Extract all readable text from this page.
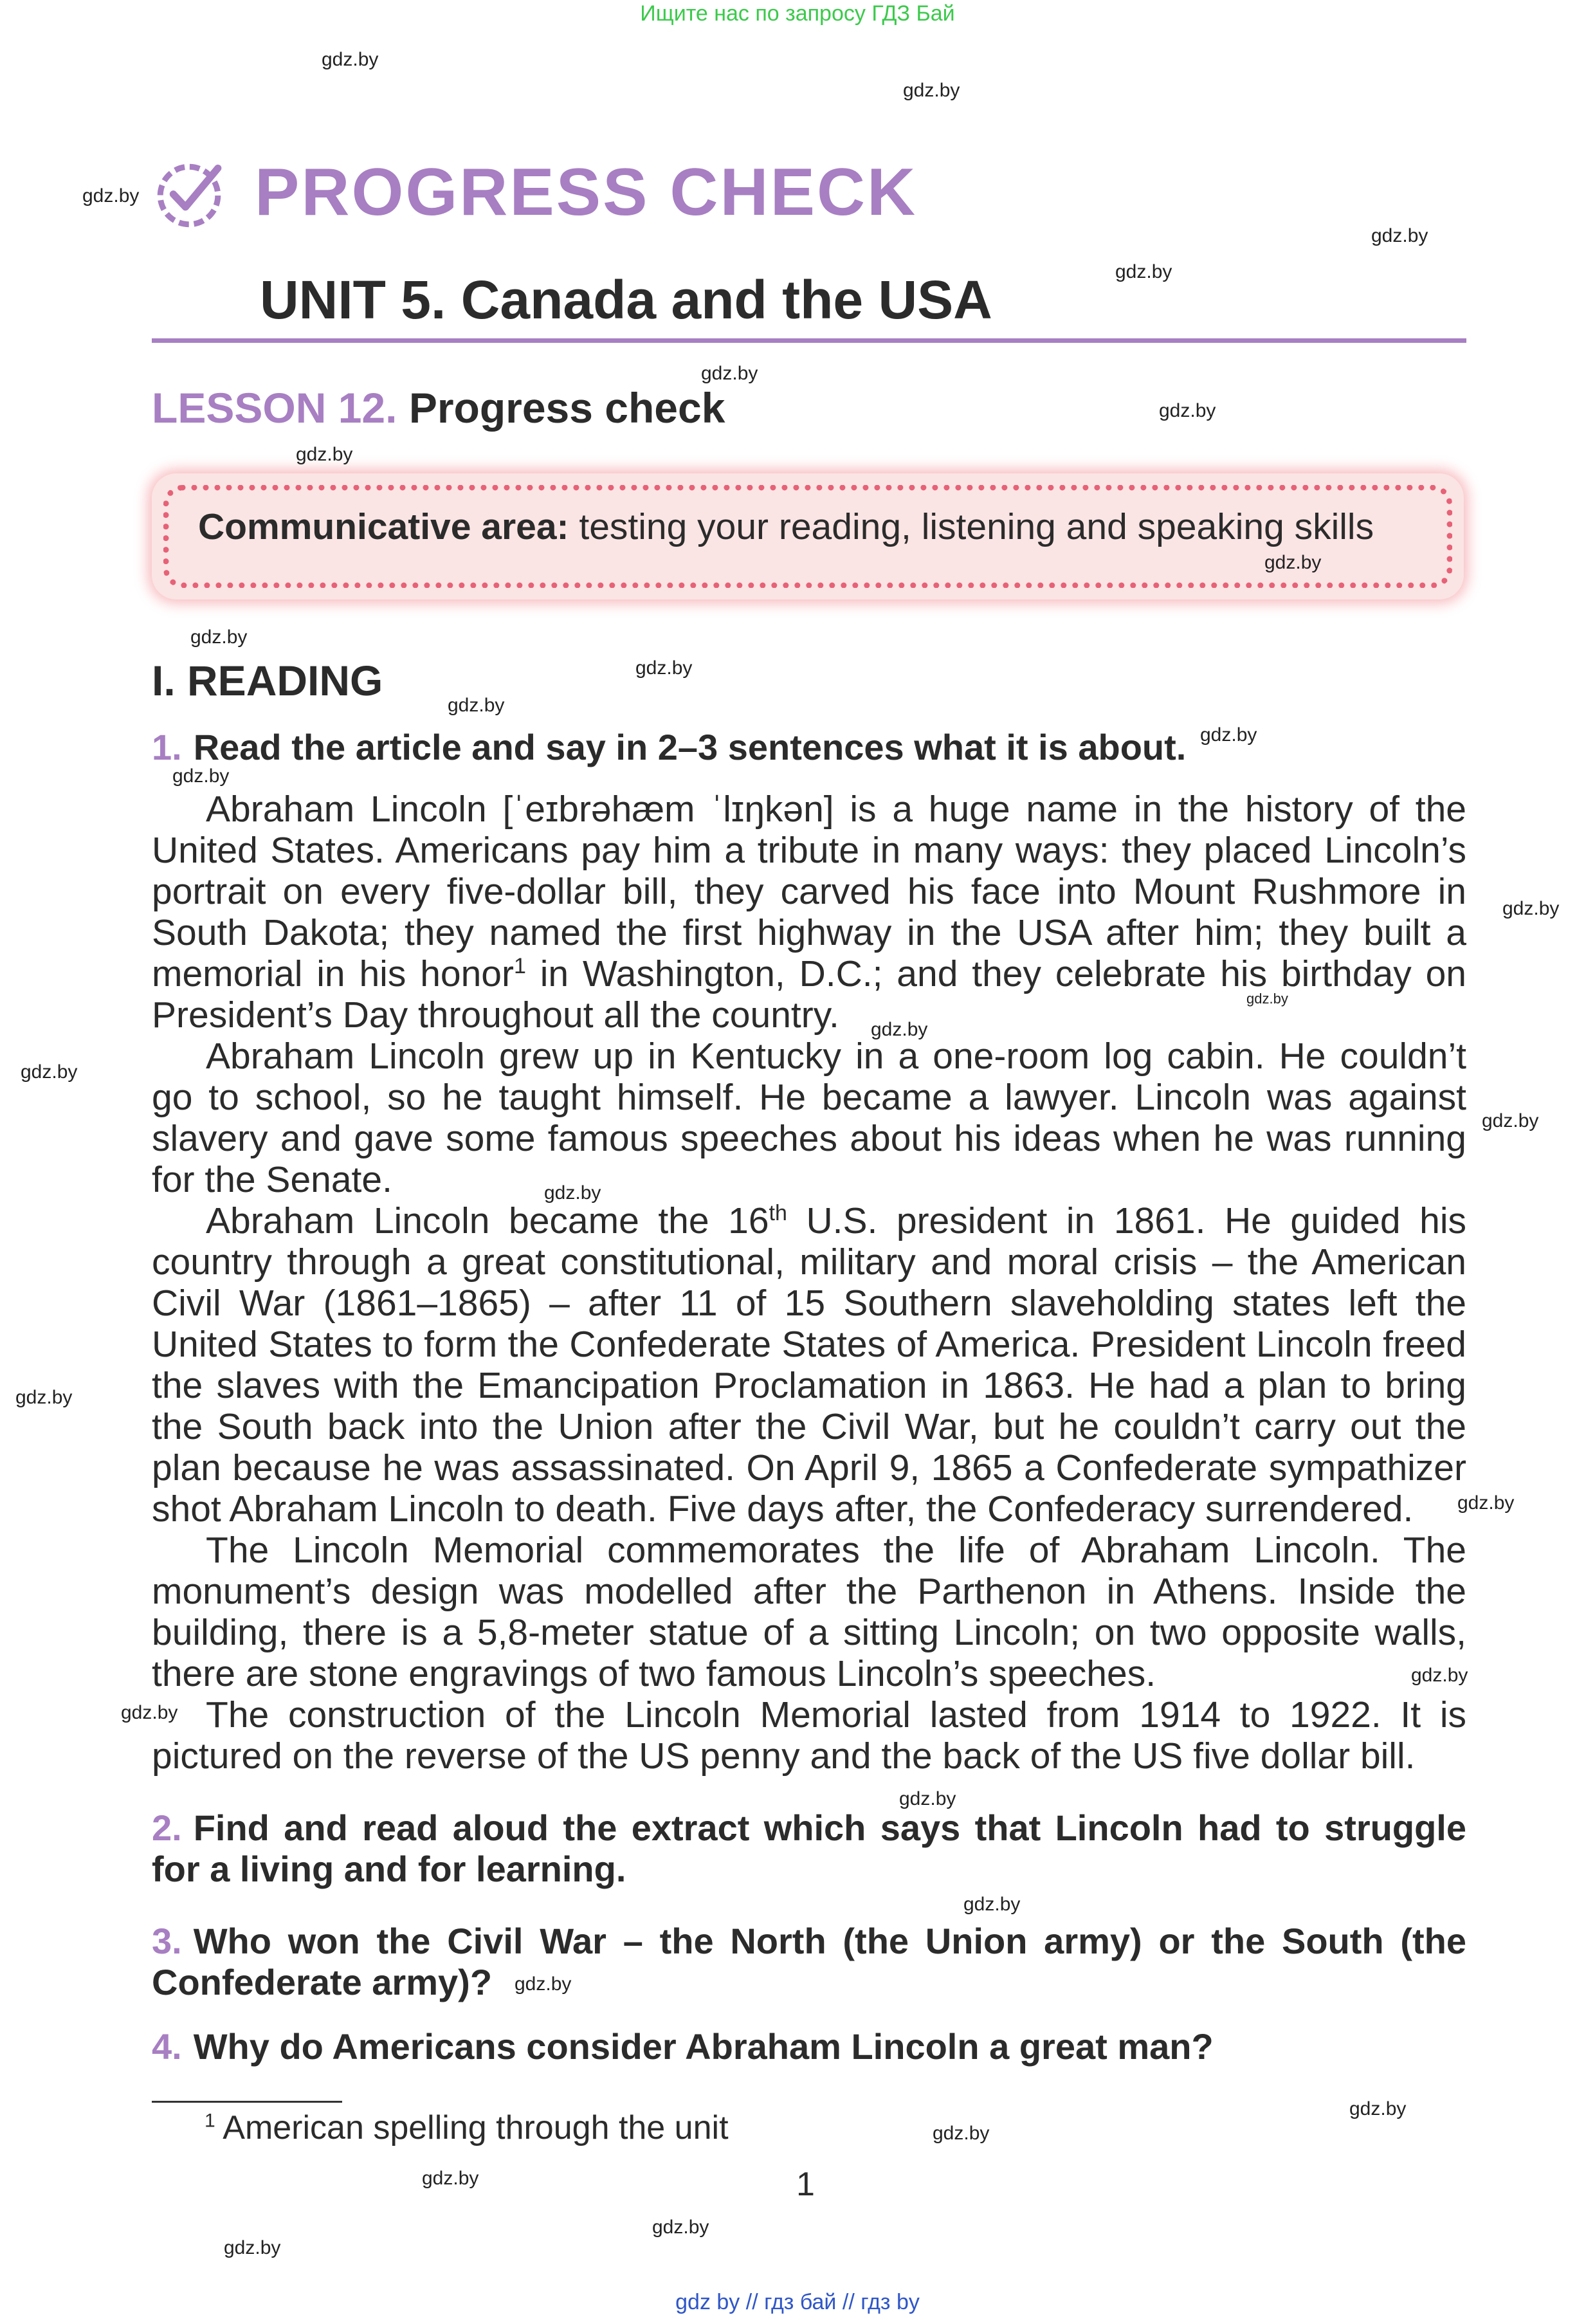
Ищите нас по запросу ГДЗ Бай
gdz by // гдз бай // гдз by
PROGRESS CHECK
UNIT 5. Canada and the USA
LESSON 12. Progress check
Communicative area: testing your reading, listening and speaking skills
I. READING
1. Read the article and say in 2–3 sentences what it is about.

Abraham Lincoln [ˈeɪbrəhæm ˈlɪŋkən] is a huge name in the history of the United States. Americans pay him a tribute in many ways: they placed Lincoln’s portrait on every five-dollar bill, they carved his face into Mount Rushmore in South Dakota; they named the first highway in the USA after him; they built a memorial in his honor$^1$ in Washington, D.C.; and they celebrate his birthday on President’s Day throughout all the country.

Abraham Lincoln grew up in Kentucky in a one-room log cabin. He couldn’t go to school, so he taught himself. He became a lawyer. Lincoln was against slavery and gave some famous speeches about his ideas when he was running for the Senate.

Abraham Lincoln became the 16th U.S. president in 1861. He guided his country through a great constitutional, military and moral crisis – the American Civil War (1861–1865) – after 11 of 15 Southern slaveholding states left the United States to form the Confederate States of America. President Lincoln freed the slaves with the Emancipation Proclamation in 1863. He had a plan to bring the South back into the Union after the Civil War, but he couldn’t carry out the plan because he was assassinated. On April 9, 1865 a Confederate sympathizer shot Abraham Lincoln to death. Five days after, the Confederacy surrendered.

The Lincoln Memorial commemorates the life of Abraham Lincoln. The monument’s design was modelled after the Parthenon in Athens. Inside the building, there is a 5,8-meter statue of a sitting Lincoln; on two opposite walls, there are stone engravings of two famous Lincoln’s speeches.

The construction of the Lincoln Memorial lasted from 1914 to 1922. It is pictured on the reverse of the US penny and the back of the US five dollar bill.

2. Find and read aloud the extract which says that Lincoln had to struggle for a living and for learning.
3. Who won the Civil War – the North (the Union army) or the South (the Confederate army)?
4. Why do Americans consider Abraham Lincoln a great man?
$^1$ American spelling through the unit
1
gdz.by
gdz.by
gdz.by
gdz.by
gdz.by
gdz.by
gdz.by
gdz.by
gdz.by
gdz.by
gdz.by
gdz.by
gdz.by
gdz.by
gdz.by
gdz.by
gdz.by
gdz.by
gdz.by
gdz.by
gdz.by
gdz.by
gdz.by
gdz.by
gdz.by
gdz.by
gdz.by
gdz.by
gdz.by
gdz.by
gdz.by
gdz.by
